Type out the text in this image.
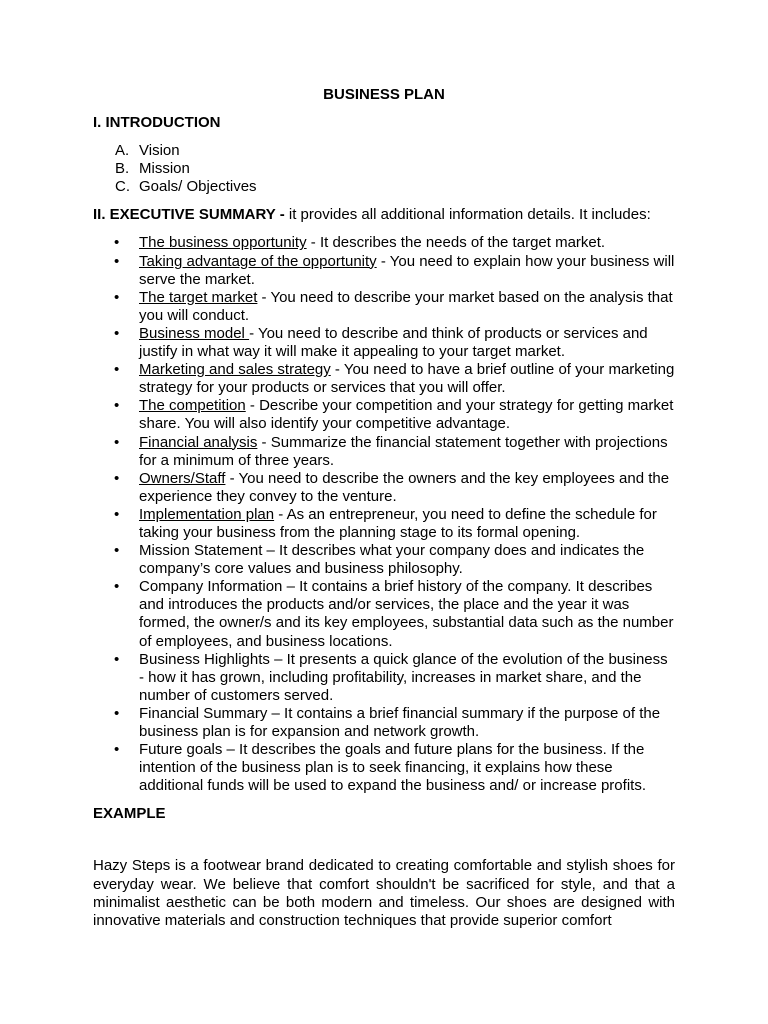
BUSINESS PLAN
I. INTRODUCTION
A. Vision
B. Mission
C. Goals/ Objectives
II. EXECUTIVE SUMMARY - it provides all additional information details. It includes:
• The business opportunity - It describes the needs of the target market.
• Taking advantage of the opportunity - You need to explain how your business will serve the market.
• The target market - You need to describe your market based on the analysis that you will conduct.
• Business model - You need to describe and think of products or services and justify in what way it will make it appealing to your target market.
• Marketing and sales strategy - You need to have a brief outline of your marketing strategy for your products or services that you will offer.
• The competition - Describe your competition and your strategy for getting market share. You will also identify your competitive advantage.
• Financial analysis - Summarize the financial statement together with projections for a minimum of three years.
• Owners/Staff - You need to describe the owners and the key employees and the experience they convey to the venture.
• Implementation plan - As an entrepreneur, you need to define the schedule for taking your business from the planning stage to its formal opening.
• Mission Statement – It describes what your company does and indicates the company’s core values and business philosophy.
• Company Information – It contains a brief history of the company. It describes and introduces the products and/or services, the place and the year it was formed, the owner/s and its key employees, substantial data such as the number of employees, and business locations.
• Business Highlights – It presents a quick glance of the evolution of the business - how it has grown, including profitability, increases in market share, and the number of customers served.
• Financial Summary – It contains a brief financial summary if the purpose of the business plan is for expansion and network growth.
• Future goals – It describes the goals and future plans for the business. If the intention of the business plan is to seek financing, it explains how these additional funds will be used to expand the business and/ or increase profits.
EXAMPLE

Hazy Steps is a footwear brand dedicated to creating comfortable and stylish shoes for everyday wear. We believe that comfort shouldn't be sacrificed for style, and that a minimalist aesthetic can be both modern and timeless. Our shoes are designed with innovative materials and construction techniques that provide superior comfort
